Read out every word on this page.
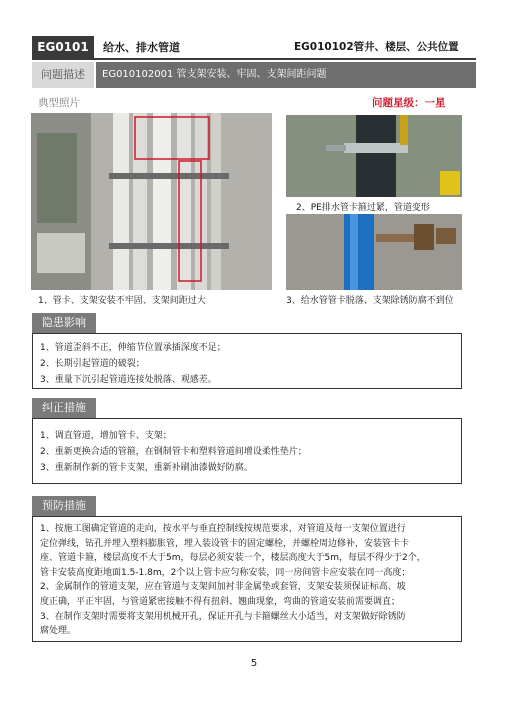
EG0101	给水、排水管道	EG010102管井、楼层、公共位置
问题描述	EG010102001 管支架安装、牢固、支架间距问题
典型照片	问题星级：一星
1、管卡、支架安装不牢固、支架间距过大
2、PE排水管卡箍过紧，管道变形
3、给水管管卡脱落、支架除锈防腐不到位
隐患影响
1、管道歪斜不正，伸缩节位置承插深度不足；
2、长期引起管道的破裂；
3、重量下沉引起管道连接处脱落、观感差。
纠正措施
1、调直管道，增加管卡、支架；
2、重新更换合适的管箍，在钢制管卡和塑料管道间增设柔性垫片；
3、重新制作新的管卡支架，重新补刷油漆做好防腐。
预防措施
1、按施工图确定管道的走向，按水平与垂直控制线按规范要求，对管道及每一支架位置进行
定位弹线，钻孔并埋入塑料膨胀管，埋入装设管卡的固定螺栓，并螺栓周边修补，安装管卡卡
座、管道卡箍，楼层高度不大于5m，每层必须安装一个，楼层高度大于5m，每层不得少于2个，
管卡安装高度距地面1.5-1.8m，2个以上管卡应匀称安装，同一房间管卡应安装在同一高度；
2、金属制作的管道支架，应在管道与支架间加衬非金属垫或套管，支架安装须保证标高、坡
度正确，平正牢固，与管道紧密接触不得有扭斜、翘曲现象，弯曲的管道安装前需要调直；
3、在制作支架时需要将支架用机械开孔，保证开孔与卡箍螺丝大小适当，对支架做好除锈防
腐处理。
5
